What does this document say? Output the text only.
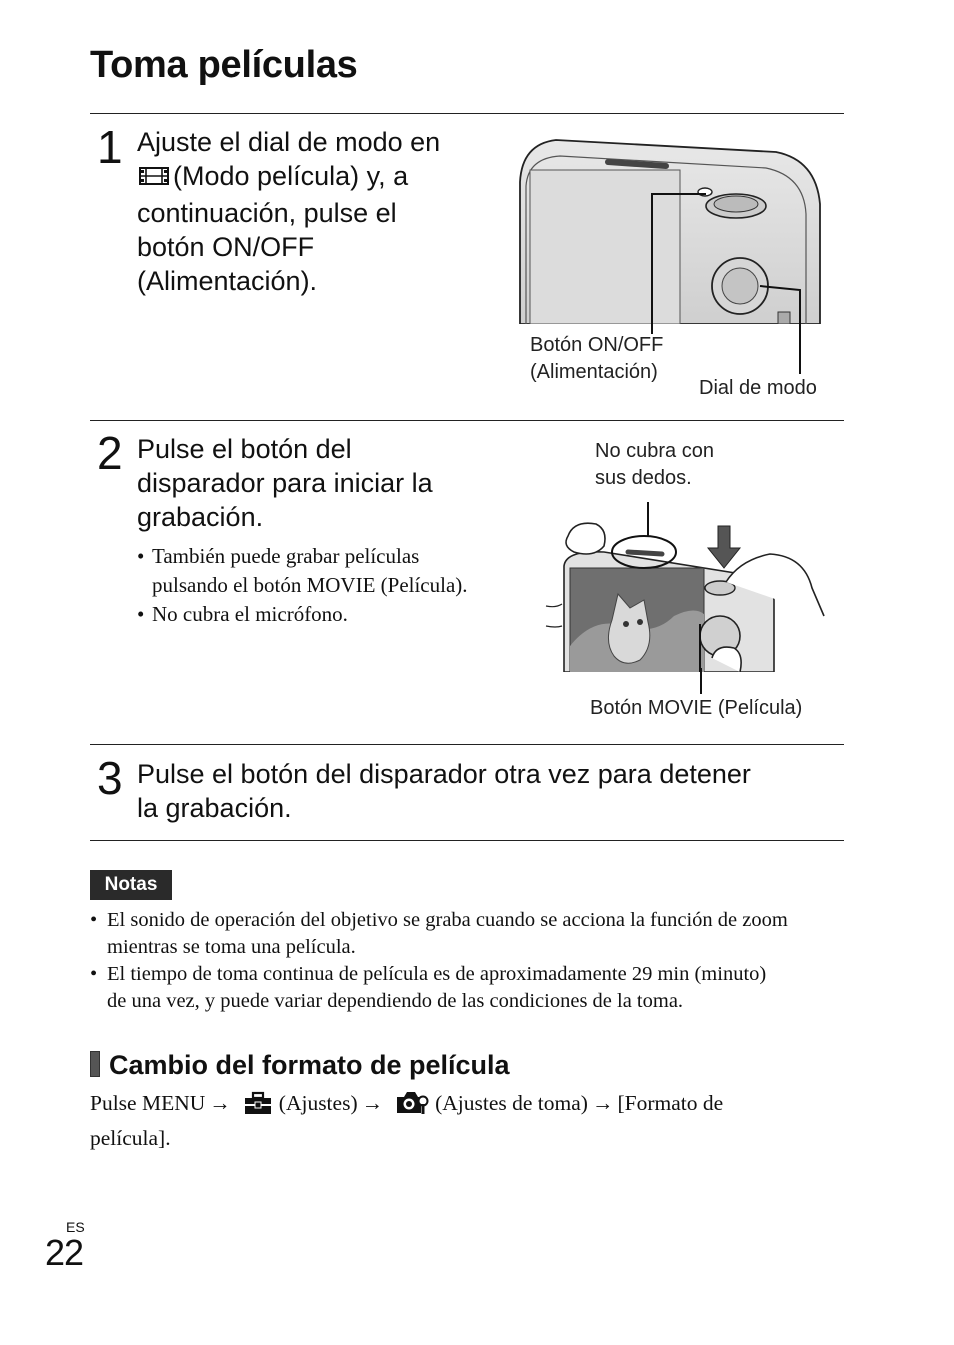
Toma películas
1 Ajuste el dial de modo en
(Modo película) y, a
continuación, pulse el
botón ON/OFF
(Alimentación).

Botón ON/OFF
(Alimentación)
Dial de modo
2 Pulse el botón del
disparador para iniciar la
grabación.

• También puede grabar películas
pulsando el botón MOVIE (Película).
• No cubra el micrófono.
No cubra con
sus dedos.
Botón MOVIE (Película)
3 Pulse el botón del disparador otra vez para detener
la grabación.

Notas
• El sonido de operación del objetivo se graba cuando se acciona la función de zoom
mientras se toma una película.
• El tiempo de toma continua de película es de aproximadamente 29 min (minuto)
de una vez, y puede variar dependiendo de las condiciones de la toma.
Cambio del formato de película

Pulse MENU → (Ajustes) → (Ajustes de toma) → [Formato de
película].

ES
22
